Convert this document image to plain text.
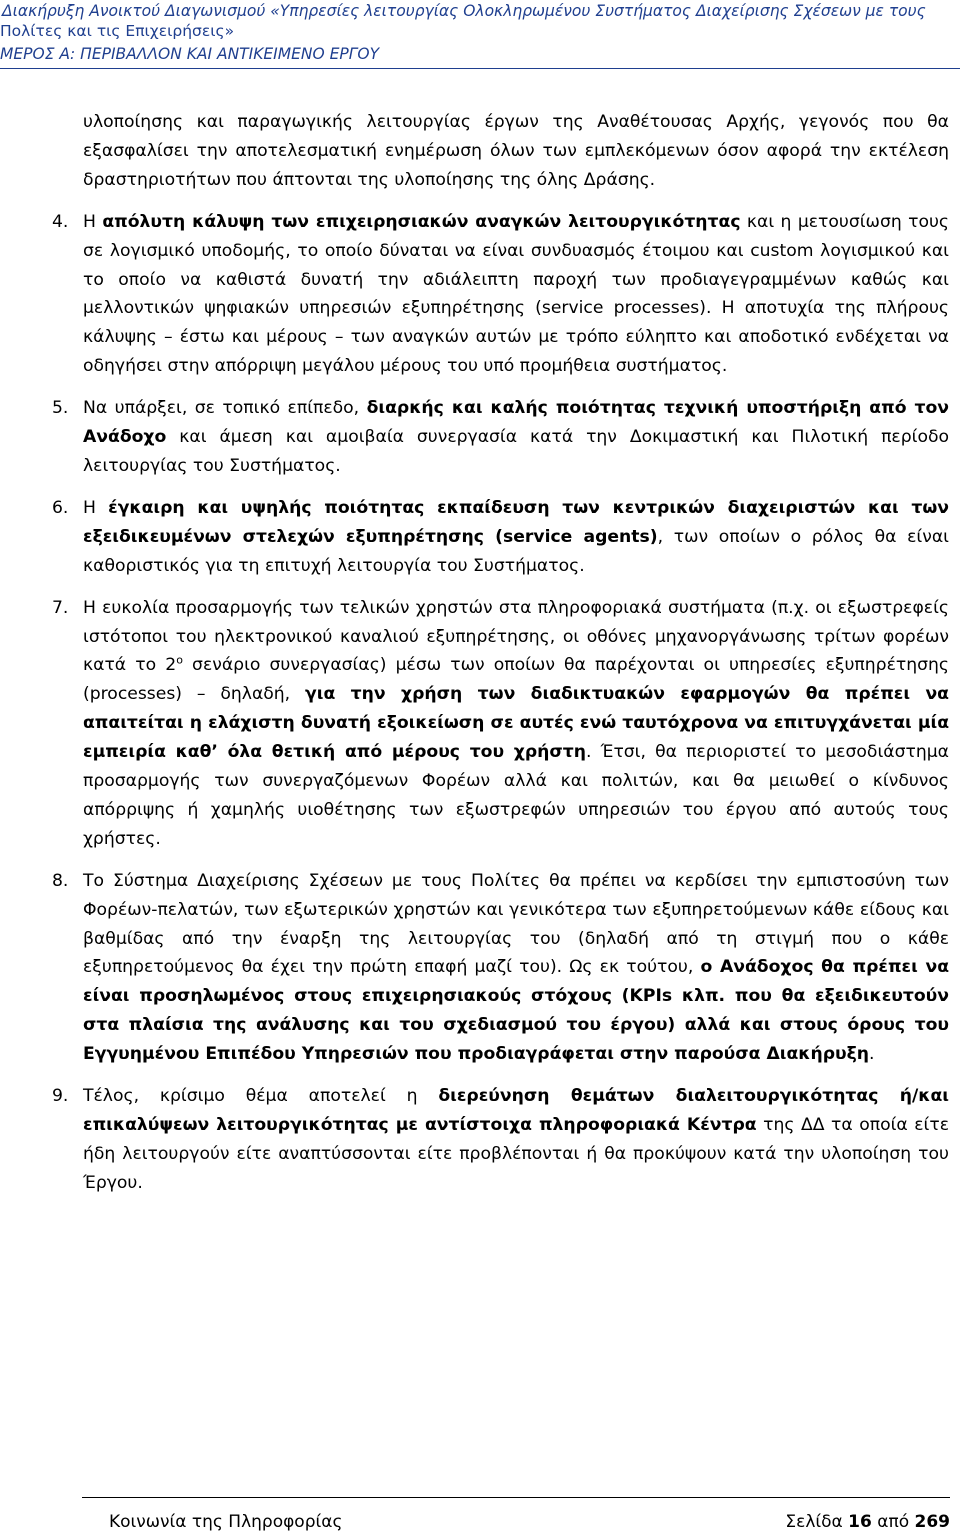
Διακήρυξη Ανοικτού Διαγωνισμού «Υπηρεσίες λειτουργίας Ολοκληρωμένου Συστήματος Διαχείρισης Σχέσεων με τους
Πολίτες και τις Επιχειρήσεις»
ΜΕΡΟΣ Α: ΠΕΡΙΒΑΛΛΟΝ ΚΑΙ ΑΝΤΙΚΕΙΜΕΝΟ ΕΡΓΟΥ

υλοποίησης και παραγωγικής λειτουργίας έργων της Αναθέτουσας Αρχής, γεγονός που θα εξασφαλίσει την αποτελεσματική ενημέρωση όλων των εμπλεκόμενων όσον αφορά την εκτέλεση δραστηριοτήτων που άπτονται της υλοποίησης της όλης Δράσης.

4. Η απόλυτη κάλυψη των επιχειρησιακών αναγκών λειτουργικότητας και η μετουσίωση τους σε λογισμικό υποδομής, το οποίο δύναται να είναι συνδυασμός έτοιμου και custom λογισμικού και το οποίο να καθιστά δυνατή την αδιάλειπτη παροχή των προδιαγεγραμμένων καθώς και μελλοντικών ψηφιακών υπηρεσιών εξυπηρέτησης (service processes). Η αποτυχία της πλήρους κάλυψης – έστω και μέρους – των αναγκών αυτών με τρόπο εύληπτο και αποδοτικό ενδέχεται να οδηγήσει στην απόρριψη μεγάλου μέρους του υπό προμήθεια συστήματος.

5. Να υπάρξει, σε τοπικό επίπεδο, διαρκής και καλής ποιότητας τεχνική υποστήριξη από τον Ανάδοχο και άμεση και αμοιβαία συνεργασία κατά την Δοκιμαστική και Πιλοτική περίοδο λειτουργίας του Συστήματος.

6. Η έγκαιρη και υψηλής ποιότητας εκπαίδευση των κεντρικών διαχειριστών και των εξειδικευμένων στελεχών εξυπηρέτησης (service agents), των οποίων ο ρόλος θα είναι καθοριστικός για τη επιτυχή λειτουργία του Συστήματος.

7. Η ευκολία προσαρμογής των τελικών χρηστών στα πληροφοριακά συστήματα (π.χ. οι εξωστρεφείς ιστότοποι του ηλεκτρονικού καναλιού εξυπηρέτησης, οι οθόνες μηχανοργάνωσης τρίτων φορέων κατά το $2^o$ σενάριο συνεργασίας) μέσω των οποίων θα παρέχονται οι υπηρεσίες εξυπηρέτησης (processes) – δηλαδή, για την χρήση των διαδικτυακών εφαρμογών θα πρέπει να απαιτείται η ελάχιστη δυνατή εξοικείωση σε αυτές ενώ ταυτόχρονα να επιτυγχάνεται μία εμπειρία καθ’ όλα θετική από μέρους του χρήστη. Έτσι, θα περιοριστεί το μεσοδιάστημα προσαρμογής των συνεργαζόμενων Φορέων αλλά και πολιτών, και θα μειωθεί ο κίνδυνος απόρριψης ή χαμηλής υιοθέτησης των εξωστρεφών υπηρεσιών του έργου από αυτούς τους χρήστες.

8. Το Σύστημα Διαχείρισης Σχέσεων με τους Πολίτες θα πρέπει να κερδίσει την εμπιστοσύνη των Φορέων-πελατών, των εξωτερικών χρηστών και γενικότερα των εξυπηρετούμενων κάθε είδους και βαθμίδας από την έναρξη της λειτουργίας του (δηλαδή από τη στιγμή που ο κάθε εξυπηρετούμενος θα έχει την πρώτη επαφή μαζί του). Ως εκ τούτου, ο Ανάδοχος θα πρέπει να είναι προσηλωμένος στους επιχειρησιακούς στόχους (KPIs κλπ. που θα εξειδικευτούν στα πλαίσια της ανάλυσης και του σχεδιασμού του έργου) αλλά και στους όρους του Εγγυημένου Επιπέδου Υπηρεσιών που προδιαγράφεται στην παρούσα Διακήρυξη.

9. Τέλος, κρίσιμο θέμα αποτελεί η διερεύνηση θεμάτων διαλειτουργικότητας ή/και επικαλύψεων λειτουργικότητας με αντίστοιχα πληροφοριακά Κέντρα της ΔΔ τα οποία είτε ήδη λειτουργούν είτε αναπτύσσονται είτε προβλέπονται ή θα προκύψουν κατά την υλοποίηση του Έργου.

Κοινωνία της Πληροφορίας	Σελίδα 16 από 269
